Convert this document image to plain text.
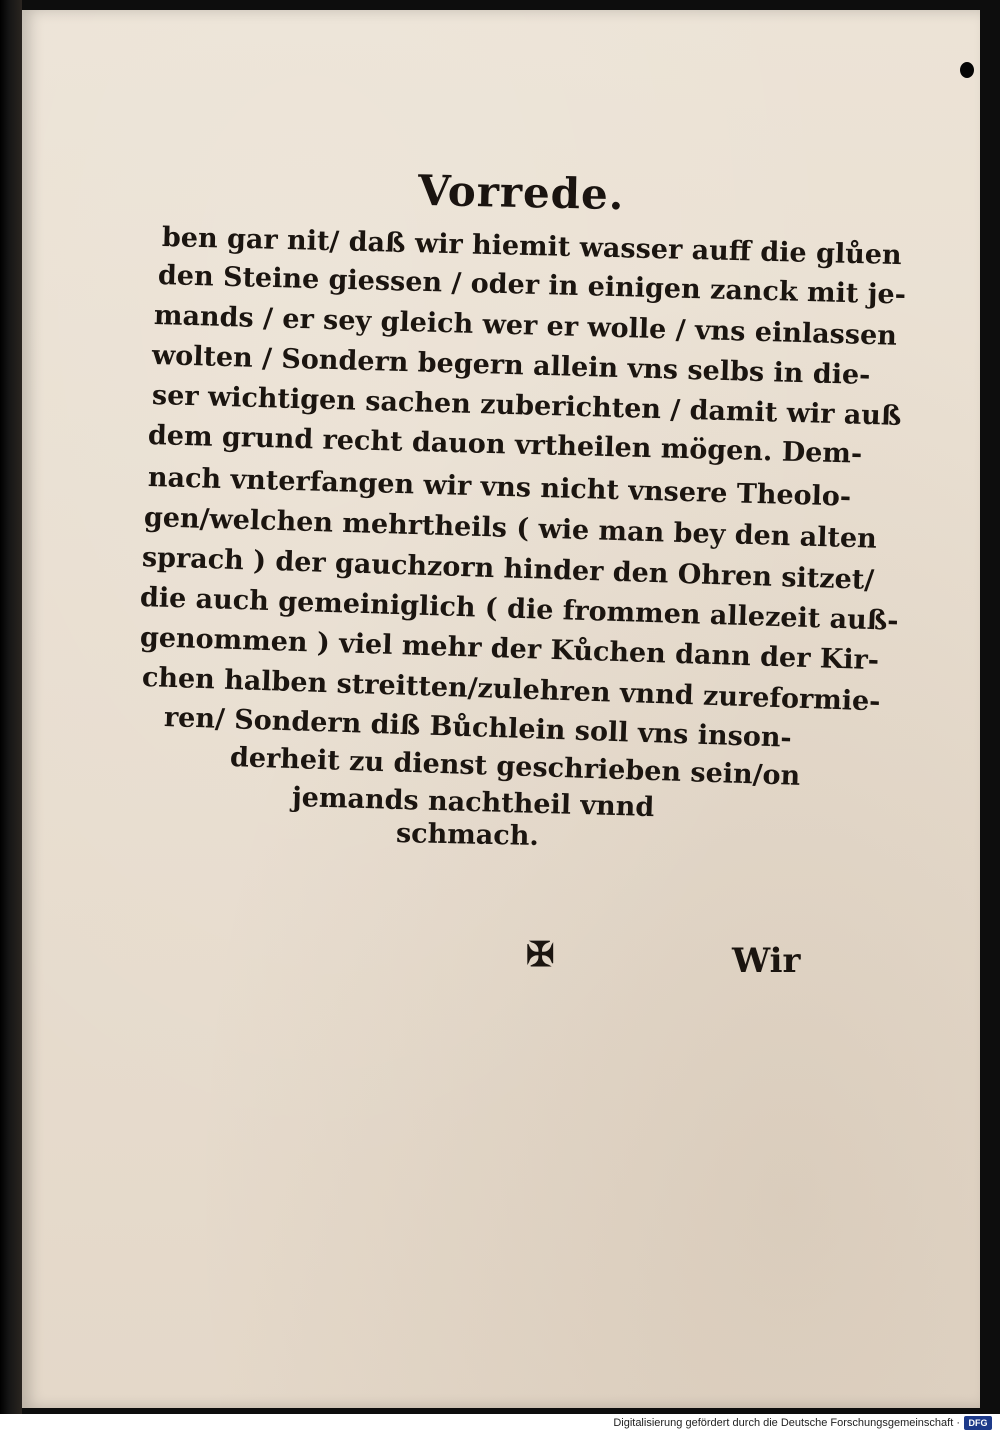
Vorrede.
ben gar nit/ daß wir hiemit wasser auff die glůen
den Steine giessen / oder in einigen zanck mit je-
mands / er sey gleich wer er wolle / vns einlassen
wolten / Sondern begern allein vns selbs in die-
ser wichtigen sachen zuberichten / damit wir auß
dem grund recht dauon vrtheilen mögen. Dem-
nach vnterfangen wir vns nicht vnsere Theolo-
gen/welchen mehrtheils ( wie man bey den alten
sprach ) der gauchzorn hinder den Ohren sitzet/
die auch gemeiniglich ( die frommen allezeit auß-
genommen ) viel mehr der Kůchen dann der Kir-
chen halben streitten/zulehren vnnd zureformie-
ren/ Sondern diß Bůchlein soll vns inson-
derheit zu dienst geschrieben sein/on
jemands nachtheil vnnd
schmach.
✠	Wir
Digitalisierung gefördert durch die Deutsche Forschungsgemeinschaft · DFG
